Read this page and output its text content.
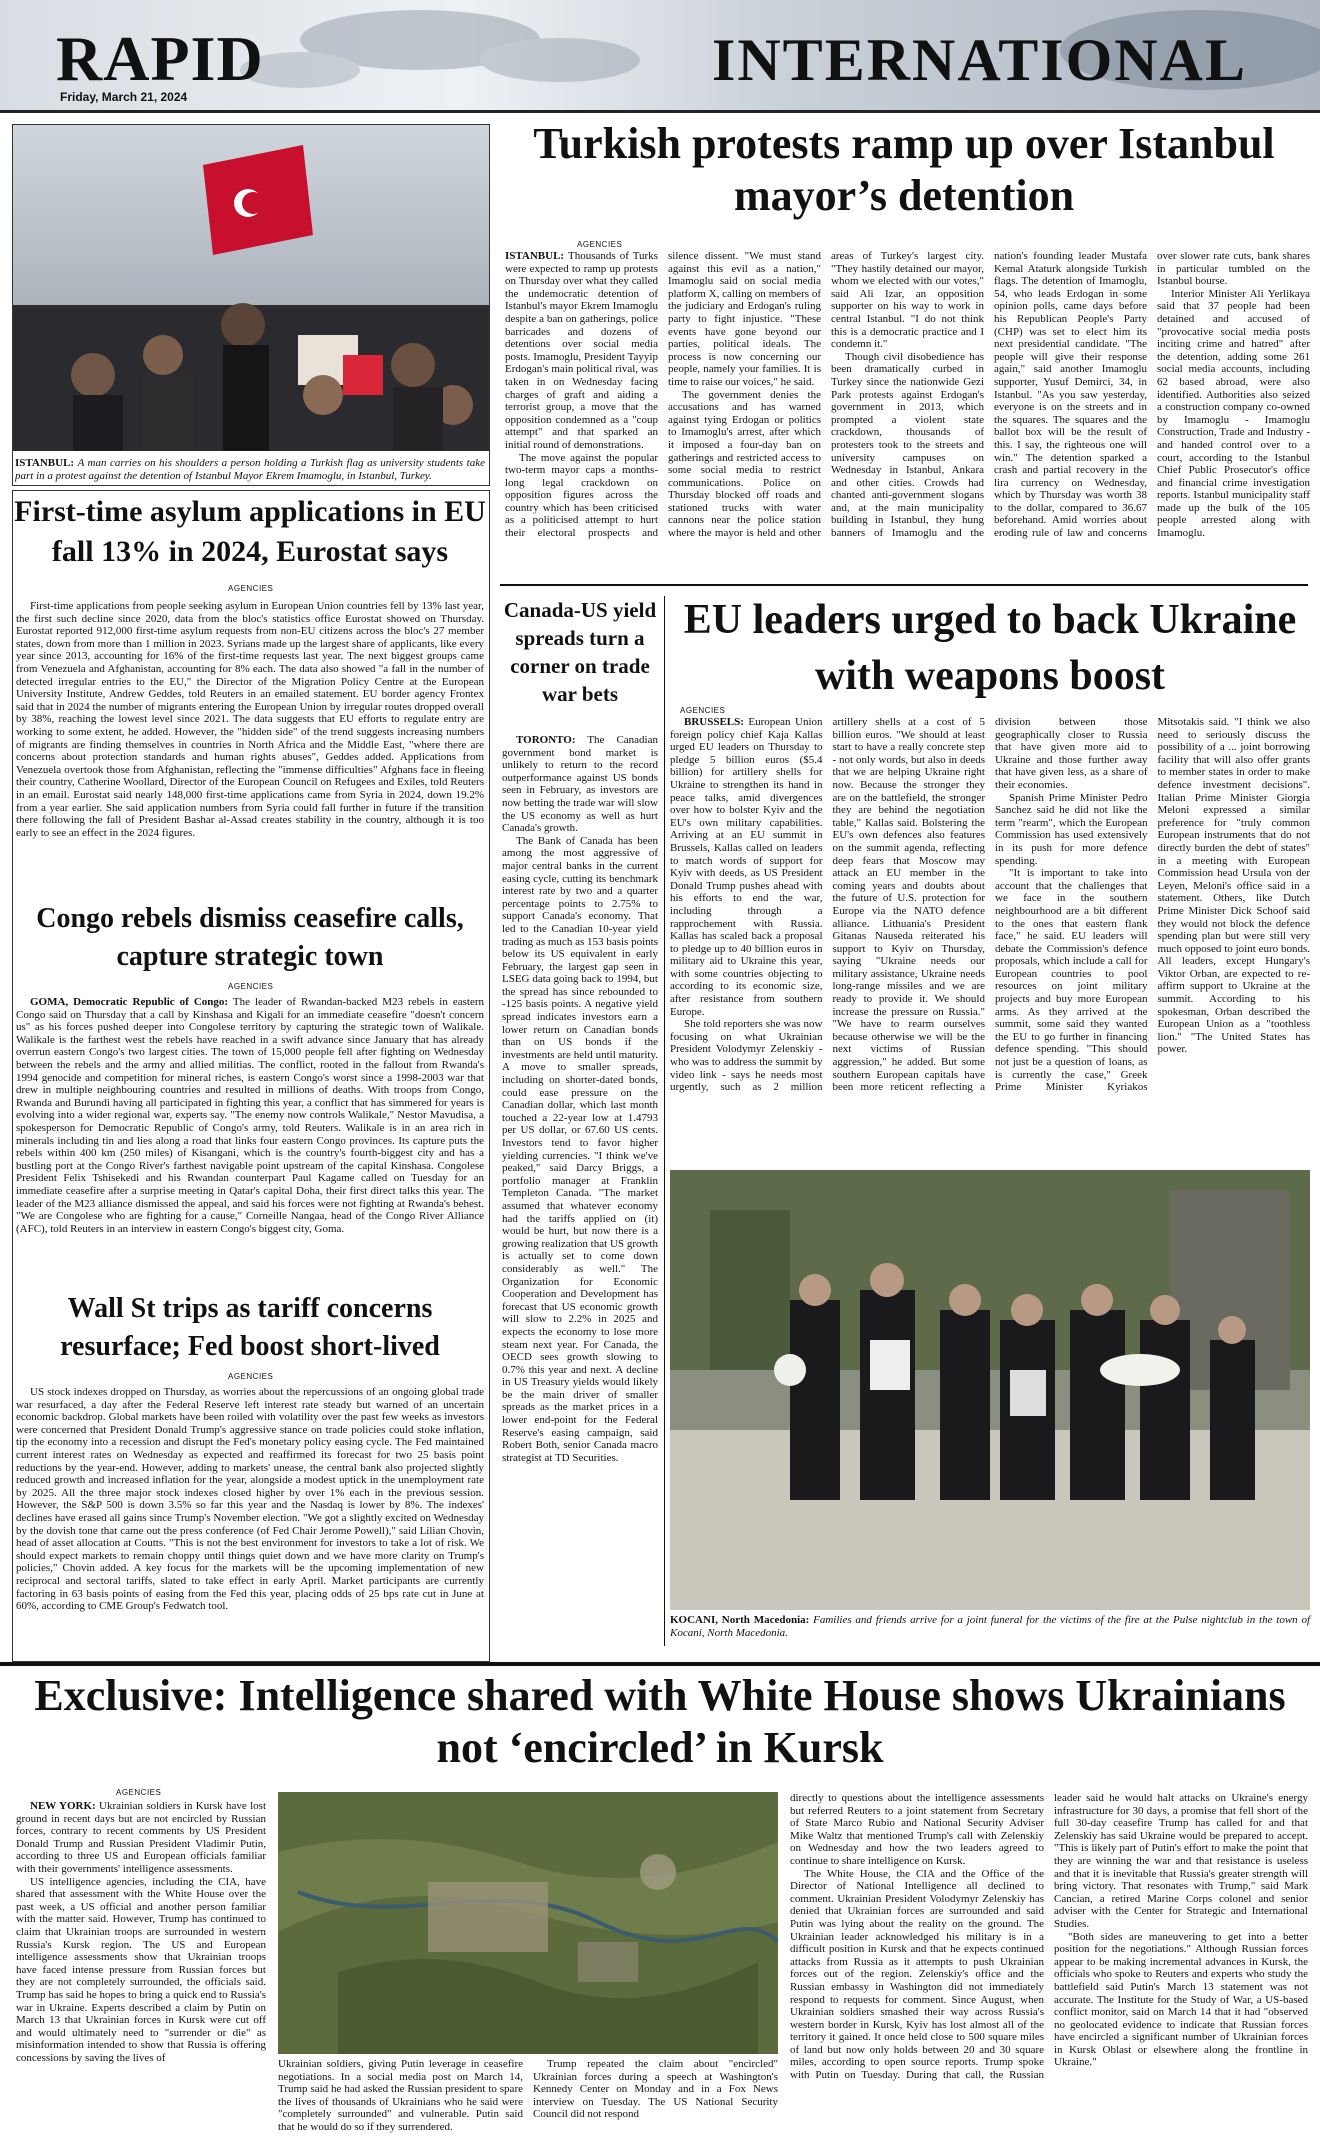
RAPID
Friday, March 21, 2024
INTERNATIONAL
ISTANBUL: A man carries on his shoulders a person holding a Turkish flag as university students take part in a protest against the detention of Istanbul Mayor Ekrem Imamoglu, in Istanbul, Turkey.
Turkish protests ramp up over Istanbul mayor’s detention
AGENCIES

ISTANBUL: Thousands of Turks were expected to ramp up protests on Thursday over what they called the undemocratic detention of Istanbul's mayor Ekrem Imamoglu despite a ban on gatherings, police barricades and dozens of detentions over social media posts. Imamoglu, President Tayyip Erdogan's main political rival, was taken in on Wednesday facing charges of graft and aiding a terrorist group, a move that the opposition condemned as a "coup attempt" and that sparked an initial round of demonstrations.

The move against the popular two-term mayor caps a months-long legal crackdown on opposition figures across the country which has been criticised as a politicised attempt to hurt their electoral prospects and silence dissent. "We must stand against this evil as a nation," Imamoglu said on social media platform X, calling on members of the judiciary and Erdogan's ruling party to fight injustice. "These events have gone beyond our parties, political ideals. The process is now concerning our people, namely your families. It is time to raise our voices," he said.

The government denies the accusations and has warned against tying Erdogan or politics to Imamoglu's arrest, after which it imposed a four-day ban on gatherings and restricted access to some social media to restrict communications. Police on Thursday blocked off roads and stationed trucks with water cannons near the police station where the mayor is held and other areas of Turkey's largest city. "They hastily detained our mayor, whom we elected with our votes," said Ali Izar, an opposition supporter on his way to work in central Istanbul. "I do not think this is a democratic practice and I condemn it."

Though civil disobedience has been dramatically curbed in Turkey since the nationwide Gezi Park protests against Erdogan's government in 2013, which prompted a violent state crackdown, thousands of protesters took to the streets and university campuses on Wednesday in Istanbul, Ankara and other cities. Crowds had chanted anti-government slogans and, at the main municipality building in Istanbul, they hung banners of Imamoglu and the nation's founding leader Mustafa Kemal Ataturk alongside Turkish flags. The detention of Imamoglu, 54, who leads Erdogan in some opinion polls, came days before his Republican People's Party (CHP) was set to elect him its next presidential candidate. "The people will give their response again," said another Imamoglu supporter, Yusuf Demirci, 34, in Istanbul. "As you saw yesterday, everyone is on the streets and in the squares. The squares and the ballot box will be the result of this. I say, the righteous one will win." The detention sparked a crash and partial recovery in the lira currency on Wednesday, which by Thursday was worth 38 to the dollar, compared to 36.67 beforehand. Amid worries about eroding rule of law and concerns over slower rate cuts, bank shares in particular tumbled on the Istanbul bourse.

Interior Minister Ali Yerlikaya said that 37 people had been detained and accused of "provocative social media posts inciting crime and hatred" after the detention, adding some 261 social media accounts, including 62 based abroad, were also identified. Authorities also seized a construction company co-owned by Imamoglu - Imamoglu Construction, Trade and Industry - and handed control over to a court, according to the Istanbul Chief Public Prosecutor's office and financial crime investigation reports. Istanbul municipality staff made up the bulk of the 105 people arrested along with Imamoglu.

First-time asylum applications in EU fall 13% in 2024, Eurostat says
AGENCIES

First-time applications from people seeking asylum in European Union countries fell by 13% last year, the first such decline since 2020, data from the bloc's statistics office Eurostat showed on Thursday. Eurostat reported 912,000 first-time asylum requests from non-EU citizens across the bloc's 27 member states, down from more than 1 million in 2023. Syrians made up the largest share of applicants, like every year since 2013, accounting for 16% of the first-time requests last year. The next biggest groups came from Venezuela and Afghanistan, accounting for 8% each. The data also showed "a fall in the number of detected irregular entries to the EU," the Director of the Migration Policy Centre at the European University Institute, Andrew Geddes, told Reuters in an emailed statement. EU border agency Frontex said that in 2024 the number of migrants entering the European Union by irregular routes dropped overall by 38%, reaching the lowest level since 2021. The data suggests that EU efforts to regulate entry are working to some extent, he added. However, the "hidden side" of the trend suggests increasing numbers of migrants are finding themselves in countries in North Africa and the Middle East, "where there are concerns about protection standards and human rights abuses", Geddes added. Applications from Venezuela overtook those from Afghanistan, reflecting the "immense difficulties" Afghans face in fleeing their country, Catherine Woollard, Director of the European Council on Refugees and Exiles, told Reuters in an email. Eurostat said nearly 148,000 first-time applications came from Syria in 2024, down 19.2% from a year earlier. She said application numbers from Syria could fall further in future if the transition there following the fall of President Bashar al-Assad creates stability in the country, although it is too early to see an effect in the 2024 figures.

Congo rebels dismiss ceasefire calls, capture strategic town
AGENCIES

GOMA, Democratic Republic of Congo: The leader of Rwandan-backed M23 rebels in eastern Congo said on Thursday that a call by Kinshasa and Kigali for an immediate ceasefire "doesn't concern us" as his forces pushed deeper into Congolese territory by capturing the strategic town of Walikale. Walikale is the farthest west the rebels have reached in a swift advance since January that has already overrun eastern Congo's two largest cities. The town of 15,000 people fell after fighting on Wednesday between the rebels and the army and allied militias. The conflict, rooted in the fallout from Rwanda's 1994 genocide and competition for mineral riches, is eastern Congo's worst since a 1998-2003 war that drew in multiple neighbouring countries and resulted in millions of deaths. With troops from Congo, Rwanda and Burundi having all participated in fighting this year, a conflict that has simmered for years is evolving into a wider regional war, experts say. "The enemy now controls Walikale," Nestor Mavudisa, a spokesperson for Democratic Republic of Congo's army, told Reuters. Walikale is in an area rich in minerals including tin and lies along a road that links four eastern Congo provinces. Its capture puts the rebels within 400 km (250 miles) of Kisangani, which is the country's fourth-biggest city and has a bustling port at the Congo River's farthest navigable point upstream of the capital Kinshasa. Congolese President Felix Tshisekedi and his Rwandan counterpart Paul Kagame called on Tuesday for an immediate ceasefire after a surprise meeting in Qatar's capital Doha, their first direct talks this year. The leader of the M23 alliance dismissed the appeal, and said his forces were not fighting at Rwanda's behest. "We are Congolese who are fighting for a cause," Corneille Nangaa, head of the Congo River Alliance (AFC), told Reuters in an interview in eastern Congo's biggest city, Goma.

Wall St trips as tariff concerns resurface; Fed boost short-lived
AGENCIES

US stock indexes dropped on Thursday, as worries about the repercussions of an ongoing global trade war resurfaced, a day after the Federal Reserve left interest rate steady but warned of an uncertain economic backdrop. Global markets have been roiled with volatility over the past few weeks as investors were concerned that President Donald Trump's aggressive stance on trade policies could stoke inflation, tip the economy into a recession and disrupt the Fed's monetary policy easing cycle. The Fed maintained current interest rates on Wednesday as expected and reaffirmed its forecast for two 25 basis point reductions by the year-end. However, adding to markets' unease, the central bank also projected slightly reduced growth and increased inflation for the year, alongside a modest uptick in the unemployment rate by 2025. All the three major stock indexes closed higher by over 1% each in the previous session. However, the S&P 500 is down 3.5% so far this year and the Nasdaq is lower by 8%. The indexes' declines have erased all gains since Trump's November election. "We got a slightly excited on Wednesday by the dovish tone that came out the press conference (of Fed Chair Jerome Powell)," said Lilian Chovin, head of asset allocation at Coutts. "This is not the best environment for investors to take a lot of risk. We should expect markets to remain choppy until things quiet down and we have more clarity on Trump's policies," Chovin added. A key focus for the markets will be the upcoming implementation of new reciprocal and sectoral tariffs, slated to take effect in early April. Market participants are currently factoring in 63 basis points of easing from the Fed this year, placing odds of 25 bps rate cut in June at 60%, according to CME Group's Fedwatch tool.

Canada-US yield spreads turn a corner on trade war bets

TORONTO: The Canadian government bond market is unlikely to return to the record outperformance against US bonds seen in February, as investors are now betting the trade war will slow the US economy as well as hurt Canada's growth.

The Bank of Canada has been among the most aggressive of major central banks in the current easing cycle, cutting its benchmark interest rate by two and a quarter percentage points to 2.75% to support Canada's economy. That led to the Canadian 10-year yield trading as much as 153 basis points below its US equivalent in early February, the largest gap seen in LSEG data going back to 1994, but the spread has since rebounded to -125 basis points. A negative yield spread indicates investors earn a lower return on Canadian bonds than on US bonds if the investments are held until maturity. A move to smaller spreads, including on shorter-dated bonds, could ease pressure on the Canadian dollar, which last month touched a 22-year low at 1.4793 per US dollar, or 67.60 US cents. Investors tend to favor higher yielding currencies. "I think we've peaked," said Darcy Briggs, a portfolio manager at Franklin Templeton Canada. "The market assumed that whatever economy had the tariffs applied on (it) would be hurt, but now there is a growing realization that US growth is actually set to come down considerably as well." The Organization for Economic Cooperation and Development has forecast that US economic growth will slow to 2.2% in 2025 and expects the economy to lose more steam next year. For Canada, the OECD sees growth slowing to 0.7% this year and next. A decline in US Treasury yields would likely be the main driver of smaller spreads as the market prices in a lower end-point for the Federal Reserve's easing campaign, said Robert Both, senior Canada macro strategist at TD Securities.

EU leaders urged to back Ukraine with weapons boost
AGENCIES

BRUSSELS: European Union foreign policy chief Kaja Kallas urged EU leaders on Thursday to pledge 5 billion euros ($5.4 billion) for artillery shells for Ukraine to strengthen its hand in peace talks, amid divergences over how to bolster Kyiv and the EU's own military capabilities. Arriving at an EU summit in Brussels, Kallas called on leaders to match words of support for Kyiv with deeds, as US President Donald Trump pushes ahead with his efforts to end the war, including through a rapprochement with Russia. Kallas has scaled back a proposal to pledge up to 40 billion euros in military aid to Ukraine this year, with some countries objecting to according to its economic size, after resistance from southern Europe.

She told reporters she was now focusing on what Ukrainian President Volodymyr Zelenskiy - who was to address the summit by video link - says he needs most urgently, such as 2 million artillery shells at a cost of 5 billion euros. "We should at least start to have a really concrete step - not only words, but also in deeds that we are helping Ukraine right now. Because the stronger they are on the battlefield, the stronger they are behind the negotiation table," Kallas said. Bolstering the EU's own defences also features on the summit agenda, reflecting deep fears that Moscow may attack an EU member in the coming years and doubts about the future of U.S. protection for Europe via the NATO defence alliance. Lithuania's President Gitanas Nauseda reiterated his support to Kyiv on Thursday, saying "Ukraine needs our military assistance, Ukraine needs long-range missiles and we are ready to provide it. We should increase the pressure on Russia." "We have to rearm ourselves because otherwise we will be the next victims of Russian aggression," he added. But some southern European capitals have been more reticent reflecting a division between those geographically closer to Russia that have given more aid to Ukraine and those further away that have given less, as a share of their economies.

Spanish Prime Minister Pedro Sanchez said he did not like the term "rearm", which the European Commission has used extensively in its push for more defence spending.

"It is important to take into account that the challenges that we face in the southern neighbourhood are a bit different to the ones that eastern flank face," he said. EU leaders will debate the Commission's defence proposals, which include a call for European countries to pool resources on joint military projects and buy more European arms. As they arrived at the summit, some said they wanted the EU to go further in financing defence spending. "This should not just be a question of loans, as is currently the case," Greek Prime Minister Kyriakos Mitsotakis said. "I think we also need to seriously discuss the possibility of a ... joint borrowing facility that will also offer grants to member states in order to make defence investment decisions". Italian Prime Minister Giorgia Meloni expressed a similar preference for "truly common European instruments that do not directly burden the debt of states" in a meeting with European Commission head Ursula von der Leyen, Meloni's office said in a statement. Others, like Dutch Prime Minister Dick Schoof said they would not block the defence spending plan but were still very much opposed to joint euro bonds. All leaders, except Hungary's Viktor Orban, are expected to re-affirm support to Ukraine at the summit. According to his spokesman, Orban described the European Union as a "toothless lion." "The United States has power.

KOCANI, North Macedonia: Families and friends arrive for a joint funeral for the victims of the fire at the Pulse nightclub in the town of Kocani, North Macedonia.
Exclusive: Intelligence shared with White House shows Ukrainians not ‘encircled’ in Kursk
AGENCIES

NEW YORK: Ukrainian soldiers in Kursk have lost ground in recent days but are not encircled by Russian forces, contrary to recent comments by US President Donald Trump and Russian President Vladimir Putin, according to three US and European officials familiar with their governments' intelligence assessments.

US intelligence agencies, including the CIA, have shared that assessment with the White House over the past week, a US official and another person familiar with the matter said. However, Trump has continued to claim that Ukrainian troops are surrounded in western Russia's Kursk region. The US and European intelligence assessments show that Ukrainian troops have faced intense pressure from Russian forces but they are not completely surrounded, the officials said. Trump has said he hopes to bring a quick end to Russia's war in Ukraine. Experts described a claim by Putin on March 13 that Ukrainian forces in Kursk were cut off and would ultimately need to "surrender or die" as misinformation intended to show that Russia is offering concessions by saving the lives of

Ukrainian soldiers, giving Putin leverage in ceasefire negotiations. In a social media post on March 14, Trump said he had asked the Russian president to spare the lives of thousands of Ukrainians who he said were "completely surrounded" and vulnerable. Putin said that he would do so if they surrendered.

Trump repeated the claim about "encircled" Ukrainian forces during a speech at Washington's Kennedy Center on Monday and in a Fox News interview on Tuesday. The US National Security Council did not respond

directly to questions about the intelligence assessments but referred Reuters to a joint statement from Secretary of State Marco Rubio and National Security Adviser Mike Waltz that mentioned Trump's call with Zelenskiy on Wednesday and how the two leaders agreed to continue to share intelligence on Kursk.

The White House, the CIA and the Office of the Director of National Intelligence all declined to comment. Ukrainian President Volodymyr Zelenskiy has denied that Ukrainian forces are surrounded and said Putin was lying about the reality on the ground. The Ukrainian leader acknowledged his military is in a difficult position in Kursk and that he expects continued attacks from Russia as it attempts to push Ukrainian forces out of the region. Zelenskiy's office and the Russian embassy in Washington did not immediately respond to requests for comment. Since August, when Ukrainian soldiers smashed their way across Russia's western border in Kursk, Kyiv has lost almost all of the territory it gained. It once held close to 500 square miles of land but now only holds between 20 and 30 square miles, according to open source reports. Trump spoke with Putin on Tuesday. During that call, the Russian leader said he would halt attacks on Ukraine's energy infrastructure for 30 days, a promise that fell short of the full 30-day ceasefire Trump has called for and that Zelenskiy has said Ukraine would be prepared to accept. "This is likely part of Putin's effort to make the point that they are winning the war and that resistance is useless and that it is inevitable that Russia's greater strength will bring victory. That resonates with Trump," said Mark Cancian, a retired Marine Corps colonel and senior adviser with the Center for Strategic and International Studies.

"Both sides are maneuvering to get into a better position for the negotiations." Although Russian forces appear to be making incremental advances in Kursk, the officials who spoke to Reuters and experts who study the battlefield said Putin's March 13 statement was not accurate. The Institute for the Study of War, a US-based conflict monitor, said on March 14 that it had "observed no geolocated evidence to indicate that Russian forces have encircled a significant number of Ukrainian forces in Kursk Oblast or elsewhere along the frontline in Ukraine."
